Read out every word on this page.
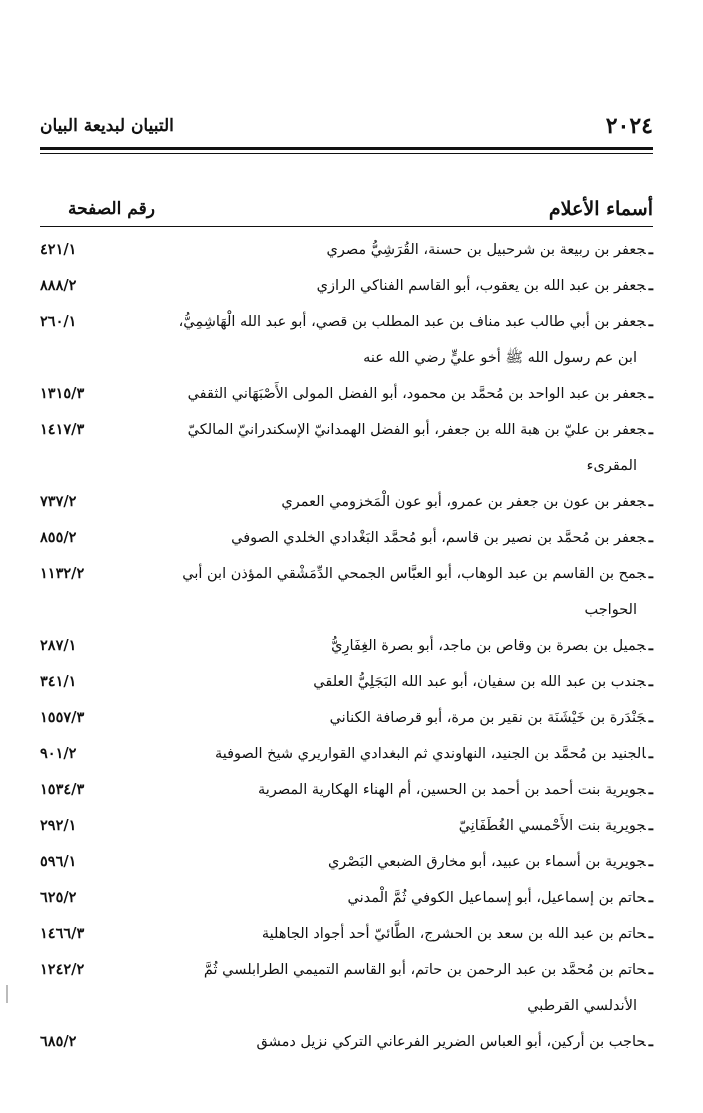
التبيان لبديعة البيان	٢٠٢٤
رقم الصفحة	أسماء الأعلام
ـجعفر بن ربيعة بن شرحبيل بن حسنة، القُرَشِيُّ مصري
٤٢١/١
ـجعفر بن عبد الله بن يعقوب، أبو القاسم الفناكي الرازي
٨٨٨/٢
ـجعفر بن أبي طالب عبد مناف بن عبد المطلب بن قصي، أبو عبد الله الْهَاشِمِيُّ،
ابن عم رسول الله ﷺ أخو عليٍّ رضي الله عنه
٢٦٠/١
ـجعفر بن عبد الواحد بن مُحمَّد بن محمود، أبو الفضل المولى الأَصْبَهَاني الثقفي
١٣١٥/٣
ـجعفر بن عليّ بن هبة الله بن جعفر، أبو الفضل الهمدانيّ الإسكندرانيّ المالكيّ
المقرىء
١٤١٧/٣
ـجعفر بن عون بن جعفر بن عمرو، أبو عون الْمَخزومي العمري
٧٣٧/٢
ـجعفر بن مُحمَّد بن نصير بن قاسم، أبو مُحمَّد البَغْدادي الخلدي الصوفي
٨٥٥/٢
ـجمح بن القاسم بن عبد الوهاب، أبو العبَّاس الجمحي الدِّمَشْقي المؤذن ابن أبي
الحواجب
١١٣٢/٢
ـجميل بن بصرة بن وقاص بن ماجد، أبو بصرة الغِفَارِيُّ
٢٨٧/١
ـجندب بن عبد الله بن سفيان، أبو عبد الله البَجَلِيُّ العلقي
٣٤١/١
ـجَنْدَرة بن خَيْشَنَة بن نقير بن مرة، أبو قرصافة الكناني
١٥٥٧/٣
ـالجنيد بن مُحمَّد بن الجنيد، النهاوندي ثم البغدادي القواريري شيخ الصوفية
٩٠١/٢
ـجويرية بنت أحمد بن أحمد بن الحسين، أم الهناء الهكارية المصرية
١٥٣٤/٣
ـجويرية بنت الأَحْمسي الغُطَفَانِيّ
٢٩٢/١
ـجويرية بن أسماء بن عبيد، أبو مخارق الضبعي البَصْري
٥٩٦/١
ـحاتم بن إسماعيل، أبو إسماعيل الكوفي ثُمَّ الْمدني
٦٢٥/٢
ـحاتم بن عبد الله بن سعد بن الحشرج، الطَّائيّ أحد أجواد الجاهلية
١٤٦٦/٣
ـحاتم بن مُحمَّد بن عبد الرحمن بن حاتم، أبو القاسم التميمي الطرابلسي ثُمَّ
الأندلسي القرطبي
١٢٤٢/٢
ـحاجب بن أركين، أبو العباس الضرير الفرعاني التركي نزيل دمشق
٦٨٥/٢
